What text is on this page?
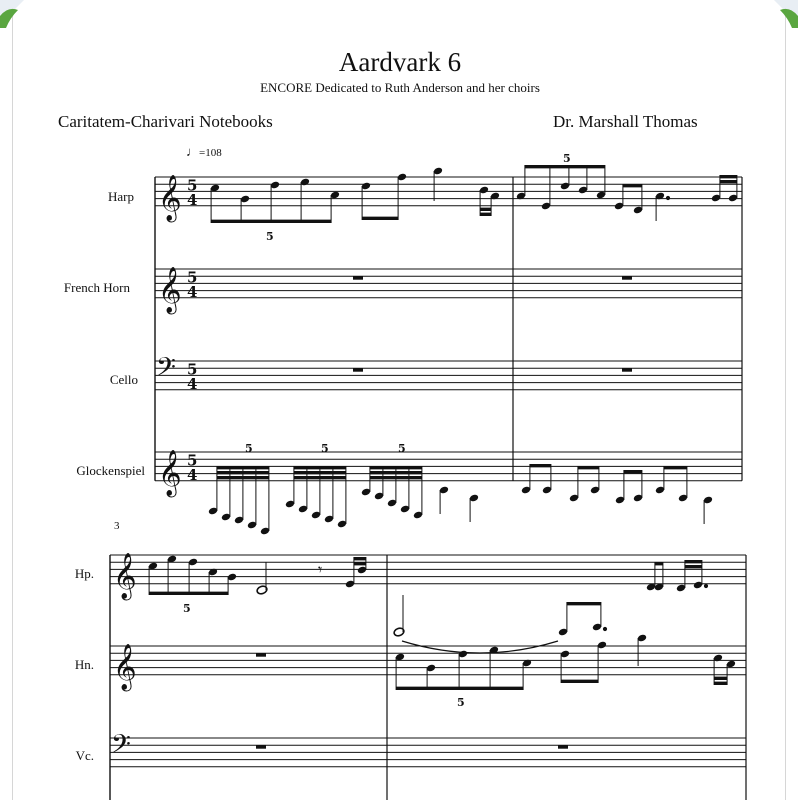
Aardvark 6
ENCORE Dedicated to Ruth Anderson and her choirs
Caritatem-Charivari Notebooks	Dr. Marshall Thomas
♩=108
3
Harp
French Horn
Cello
Glockenspiel
Hp.
Hn.
Vc.
𝄞 5
4
𝄞 5
4
𝄢 5
4
𝄞 5
4
5
5
5	5	5
𝄞
𝄞
𝄢
5
𝄾
5
